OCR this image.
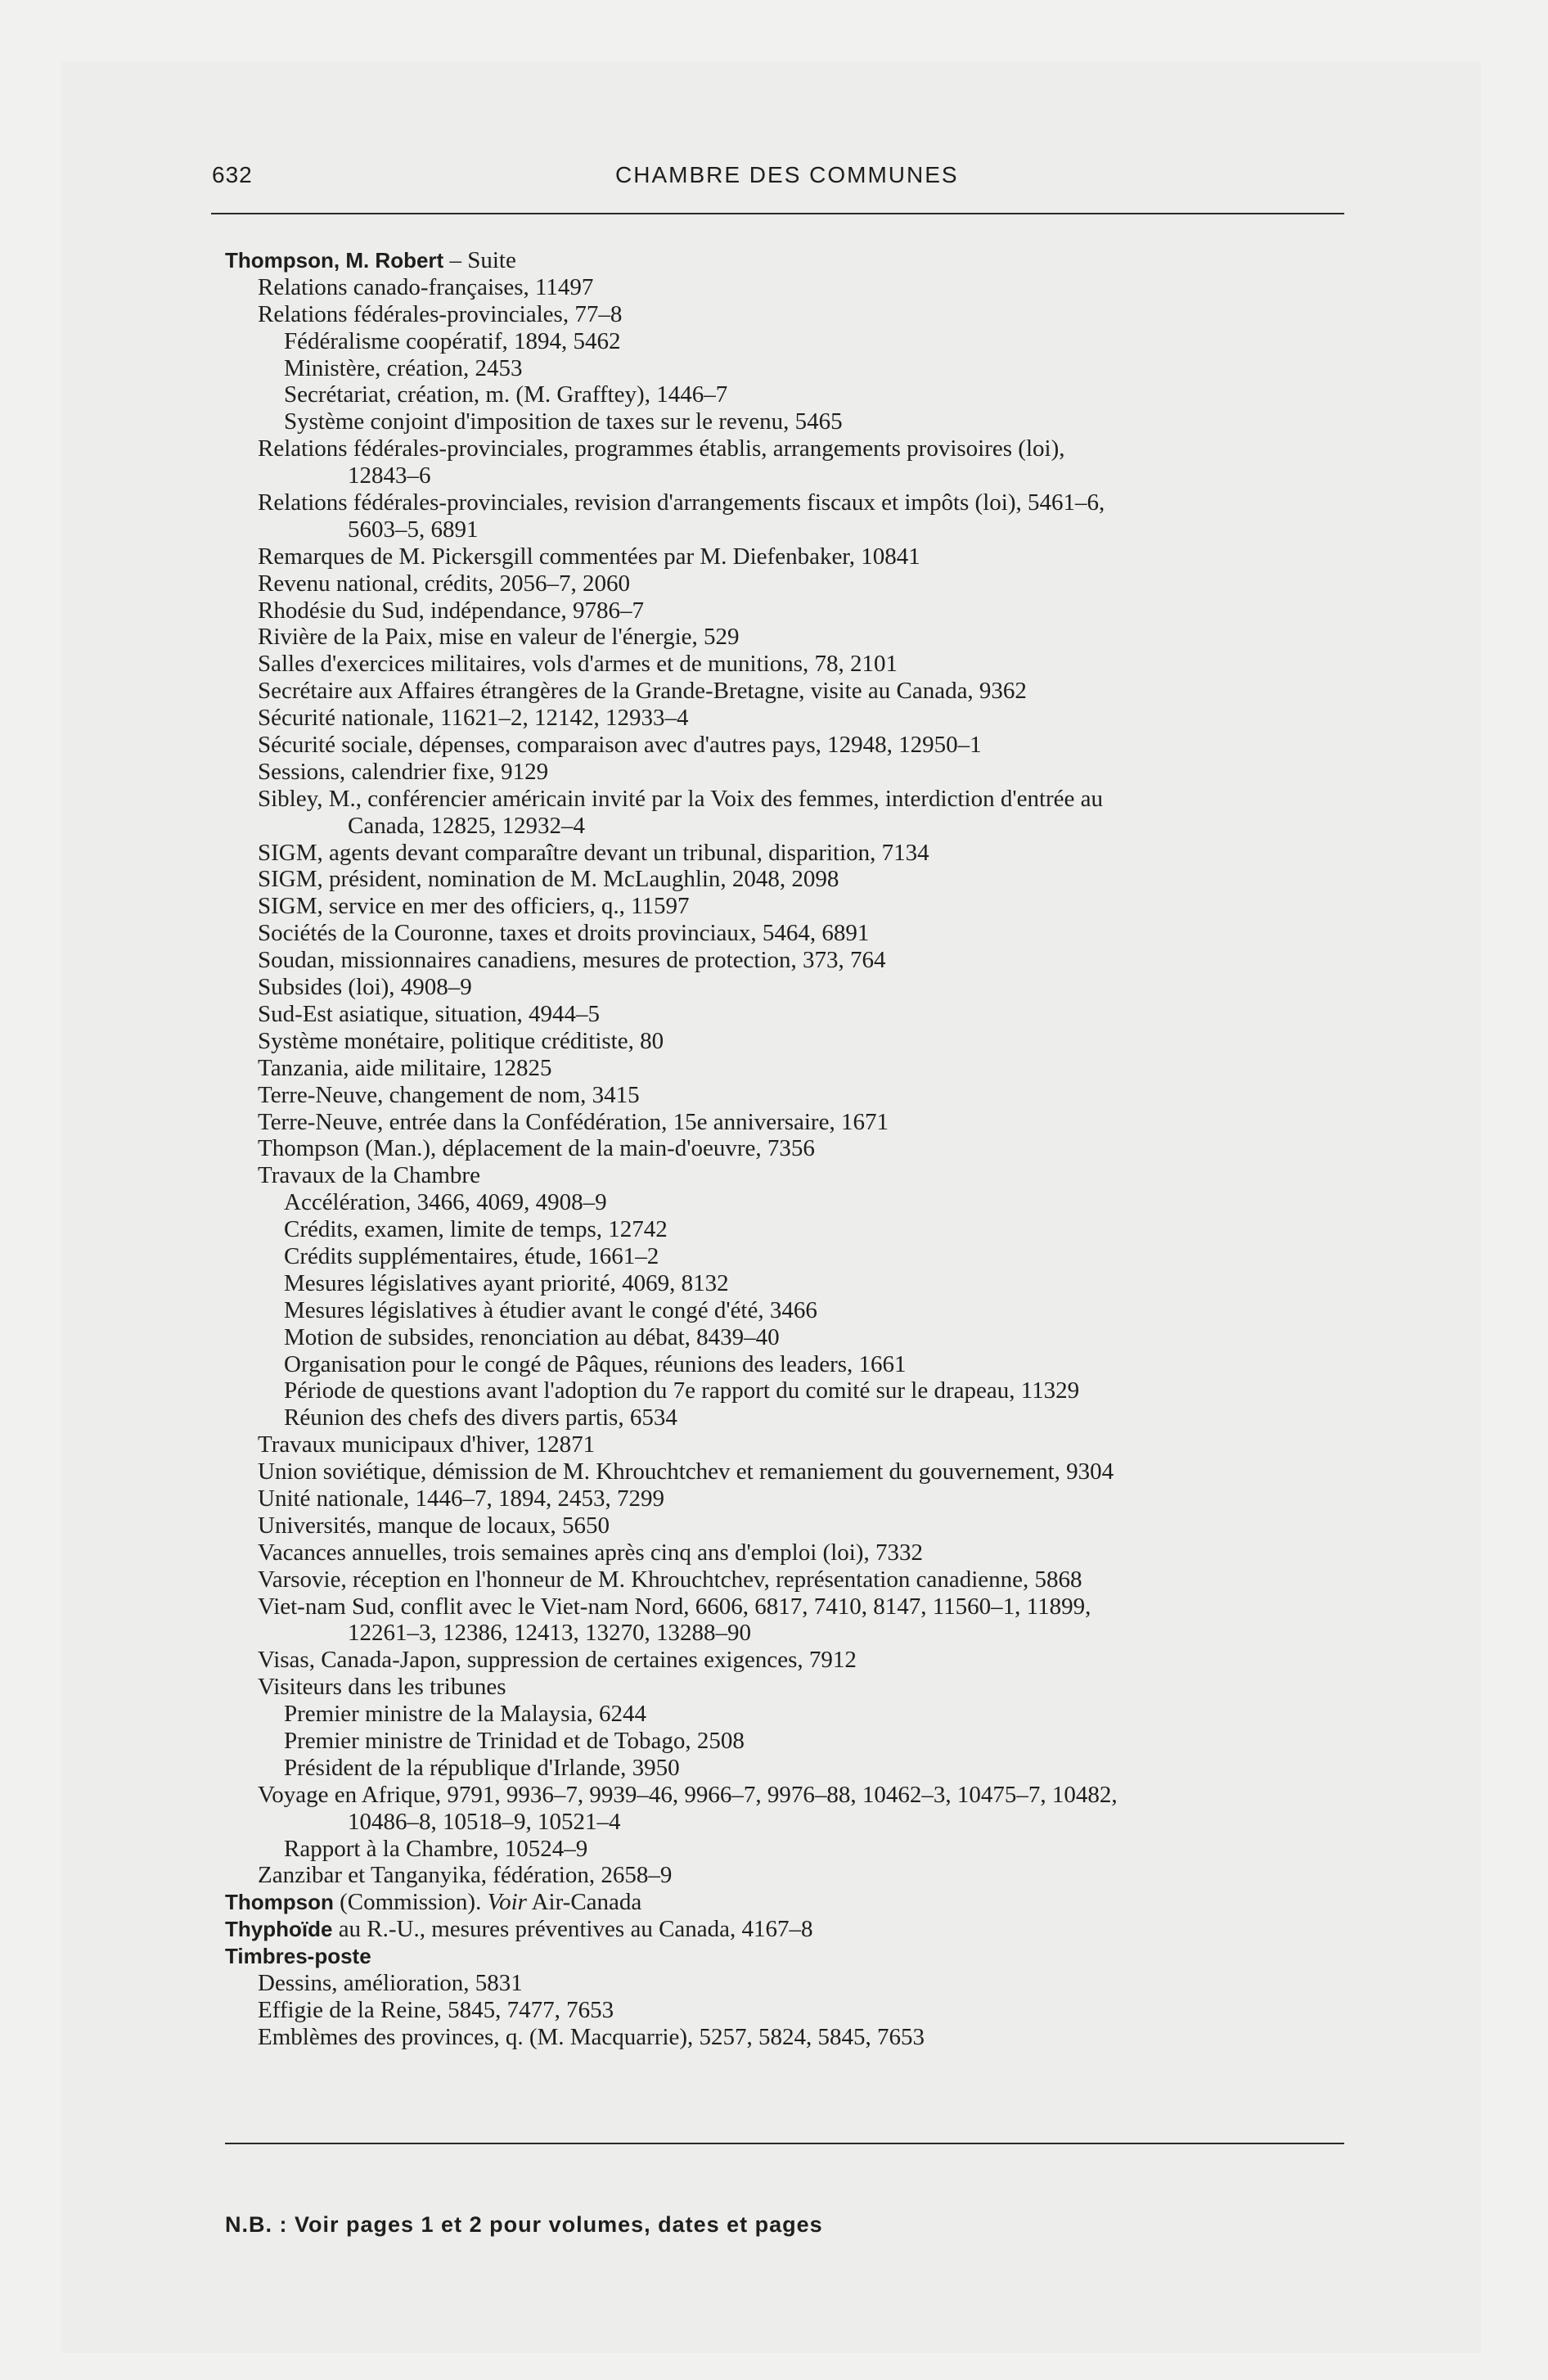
632	CHAMBRE DES COMMUNES
Thompson, M. Robert – Suite
Relations canado-françaises, 11497
Relations fédérales-provinciales, 77–8
Fédéralisme coopératif, 1894, 5462
Ministère, création, 2453
Secrétariat, création, m. (M. Grafftey), 1446–7
Système conjoint d'imposition de taxes sur le revenu, 5465
Relations fédérales-provinciales, programmes établis, arrangements provisoires (loi),
12843–6
Relations fédérales-provinciales, revision d'arrangements fiscaux et impôts (loi), 5461–6,
5603–5, 6891
Remarques de M. Pickersgill commentées par M. Diefenbaker, 10841
Revenu national, crédits, 2056–7, 2060
Rhodésie du Sud, indépendance, 9786–7
Rivière de la Paix, mise en valeur de l'énergie, 529
Salles d'exercices militaires, vols d'armes et de munitions, 78, 2101
Secrétaire aux Affaires étrangères de la Grande-Bretagne, visite au Canada, 9362
Sécurité nationale, 11621–2, 12142, 12933–4
Sécurité sociale, dépenses, comparaison avec d'autres pays, 12948, 12950–1
Sessions, calendrier fixe, 9129
Sibley, M., conférencier américain invité par la Voix des femmes, interdiction d'entrée au
Canada, 12825, 12932–4
SIGM, agents devant comparaître devant un tribunal, disparition, 7134
SIGM, président, nomination de M. McLaughlin, 2048, 2098
SIGM, service en mer des officiers, q., 11597
Sociétés de la Couronne, taxes et droits provinciaux, 5464, 6891
Soudan, missionnaires canadiens, mesures de protection, 373, 764
Subsides (loi), 4908–9
Sud-Est asiatique, situation, 4944–5
Système monétaire, politique créditiste, 80
Tanzania, aide militaire, 12825
Terre-Neuve, changement de nom, 3415
Terre-Neuve, entrée dans la Confédération, 15e anniversaire, 1671
Thompson (Man.), déplacement de la main-d'oeuvre, 7356
Travaux de la Chambre
Accélération, 3466, 4069, 4908–9
Crédits, examen, limite de temps, 12742
Crédits supplémentaires, étude, 1661–2
Mesures législatives ayant priorité, 4069, 8132
Mesures législatives à étudier avant le congé d'été, 3466
Motion de subsides, renonciation au débat, 8439–40
Organisation pour le congé de Pâques, réunions des leaders, 1661
Période de questions avant l'adoption du 7e rapport du comité sur le drapeau, 11329
Réunion des chefs des divers partis, 6534
Travaux municipaux d'hiver, 12871
Union soviétique, démission de M. Khrouchtchev et remaniement du gouvernement, 9304
Unité nationale, 1446–7, 1894, 2453, 7299
Universités, manque de locaux, 5650
Vacances annuelles, trois semaines après cinq ans d'emploi (loi), 7332
Varsovie, réception en l'honneur de M. Khrouchtchev, représentation canadienne, 5868
Viet-nam Sud, conflit avec le Viet-nam Nord, 6606, 6817, 7410, 8147, 11560–1, 11899,
12261–3, 12386, 12413, 13270, 13288–90
Visas, Canada-Japon, suppression de certaines exigences, 7912
Visiteurs dans les tribunes
Premier ministre de la Malaysia, 6244
Premier ministre de Trinidad et de Tobago, 2508
Président de la république d'Irlande, 3950
Voyage en Afrique, 9791, 9936–7, 9939–46, 9966–7, 9976–88, 10462–3, 10475–7, 10482,
10486–8, 10518–9, 10521–4
Rapport à la Chambre, 10524–9
Zanzibar et Tanganyika, fédération, 2658–9
Thompson (Commission). Voir Air-Canada
Thyphoïde au R.-U., mesures préventives au Canada, 4167–8
Timbres-poste
Dessins, amélioration, 5831
Effigie de la Reine, 5845, 7477, 7653
Emblèmes des provinces, q. (M. Macquarrie), 5257, 5824, 5845, 7653
N.B. : Voir pages 1 et 2 pour volumes, dates et pages
